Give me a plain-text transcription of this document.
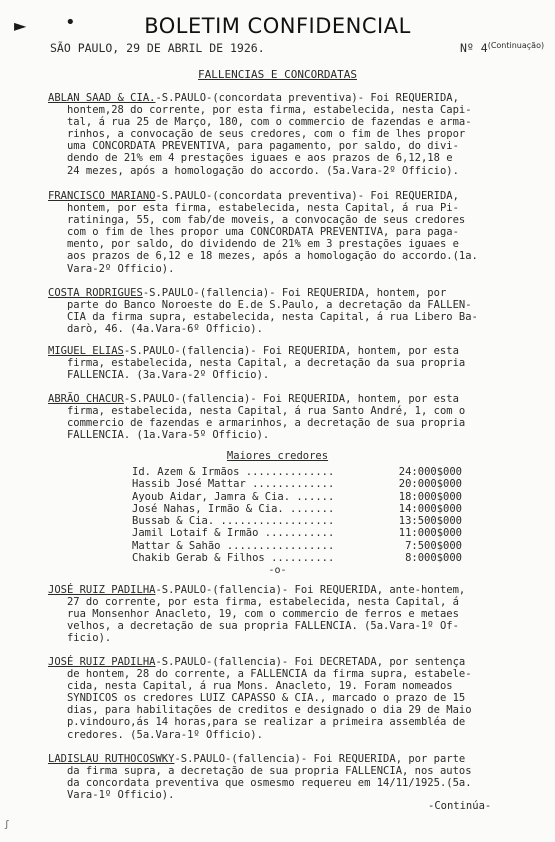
► •	BOLETIM CONFIDENCIAL
SÃO PAULO, 29 DE ABRIL DE 1926.	Nº $4^{(Continuação)}$
FALLENCIAS E CONCORDATAS
ABLAN SAAD & CIA.-S.PAULO-(concordata preventiva)- Foi REQUERIDA,
hontem,28 do corrente, por esta firma, estabelecida, nesta Capi-
tal, á rua 25 de Março, 180, com o commercio de fazendas e arma-
rinhos, a convocação de seus credores, com o fim de lhes propor
uma CONCORDATA PREVENTIVA, para pagamento, por saldo, do divi-
dendo de 21% em 4 prestações iguaes e aos prazos de 6,12,18 e
24 mezes, após a homologação do accordo. (5a.Vara-2º Officio).
FRANCISCO MARIANO-S.PAULO-(concordata preventiva)- Foi REQUERIDA,
hontem, por esta firma, estabelecida, nesta Capital, á rua Pi-
ratininga, 55, com fab/de moveis, a convocação de seus credores
com o fim de lhes propor uma CONCORDATA PREVENTIVA, para paga-
mento, por saldo, do dividendo de 21% em 3 prestações iguaes e
aos prazos de 6,12 e 18 mezes, após a homologação do accordo.(1a.
Vara-2º Officio).
COSTA RODRIGUES-S.PAULO-(fallencia)- Foi REQUERIDA, hontem, por
parte do Banco Noroeste do E.de S.Paulo, a decretação da FALLEN-
CIA da firma supra, estabelecida, nesta Capital, á rua Libero Ba-
darò, 46. (4a.Vara-6º Officio).
MIGUEL ELIAS-S.PAULO-(fallencia)- Foi REQUERIDA, hontem, por esta
firma, estabelecida, nesta Capital, a decretação da sua propria
FALLENCIA. (3a.Vara-2º Officio).
ABRÃO CHACUR-S.PAULO-(fallencia)- Foi REQUERIDA, hontem, por esta
firma, estabelecida, nesta Capital, á rua Santo André, 1, com o
commercio de fazendas e armarinhos, a decretação de sua propria
FALLENCIA. (1a.Vara-5º Officio).
Maiores credores
Id. Azem & Irmãos ..............	24:000$000
Hassib José Mattar .............	20:000$000
Ayoub Aidar, Jamra & Cia. ......	18:000$000
José Nahas, Irmão & Cia. .......	14:000$000
Bussab & Cia. ..................	13:500$000
Jamil Lotaif & Irmão ...........	11:000$000
Mattar & Sahão .................	7:500$000
Chakib Gerab & Filhos ..........	8:000$000
-o-
JOSÉ RUIZ PADILHA-S.PAULO-(fallencia)- Foi REQUERIDA, ante-hontem,
27 do corrente, por esta firma, estabelecida, nesta Capital, á
rua Monsenhor Anacleto, 19, com o commercio de ferros e metaes
velhos, a decretação de sua propria FALLENCIA. (5a.Vara-1º Of-
ficio).
JOSÉ RUIZ PADILHA-S.PAULO-(fallencia)- Foi DECRETADA, por sentença
de hontem, 28 do corrente, a FALLENCIA da firma supra, estabele-
cida, nesta Capital, á rua Mons. Anacleto, 19. Foram nomeados
SYNDICOS os credores LUIZ CAPASSO & CIA., marcado o prazo de 15
dias, para habilitações de creditos e designado o dia 29 de Maio
p.vindouro,ás 14 horas,para se realizar a primeira assembléa de
credores. (5a.Vara-1º Officio).
LADISLAU RUTHOCOSWKY-S.PAULO-(fallencia)- Foi REQUERIDA, por parte
da firma supra, a decretação de sua propria FALLENCIA, nos autos
da concordata preventiva que osmesmo requereu em 14/11/1925.(5a.
Vara-1º Officio).
-Continúa-
ʃ
